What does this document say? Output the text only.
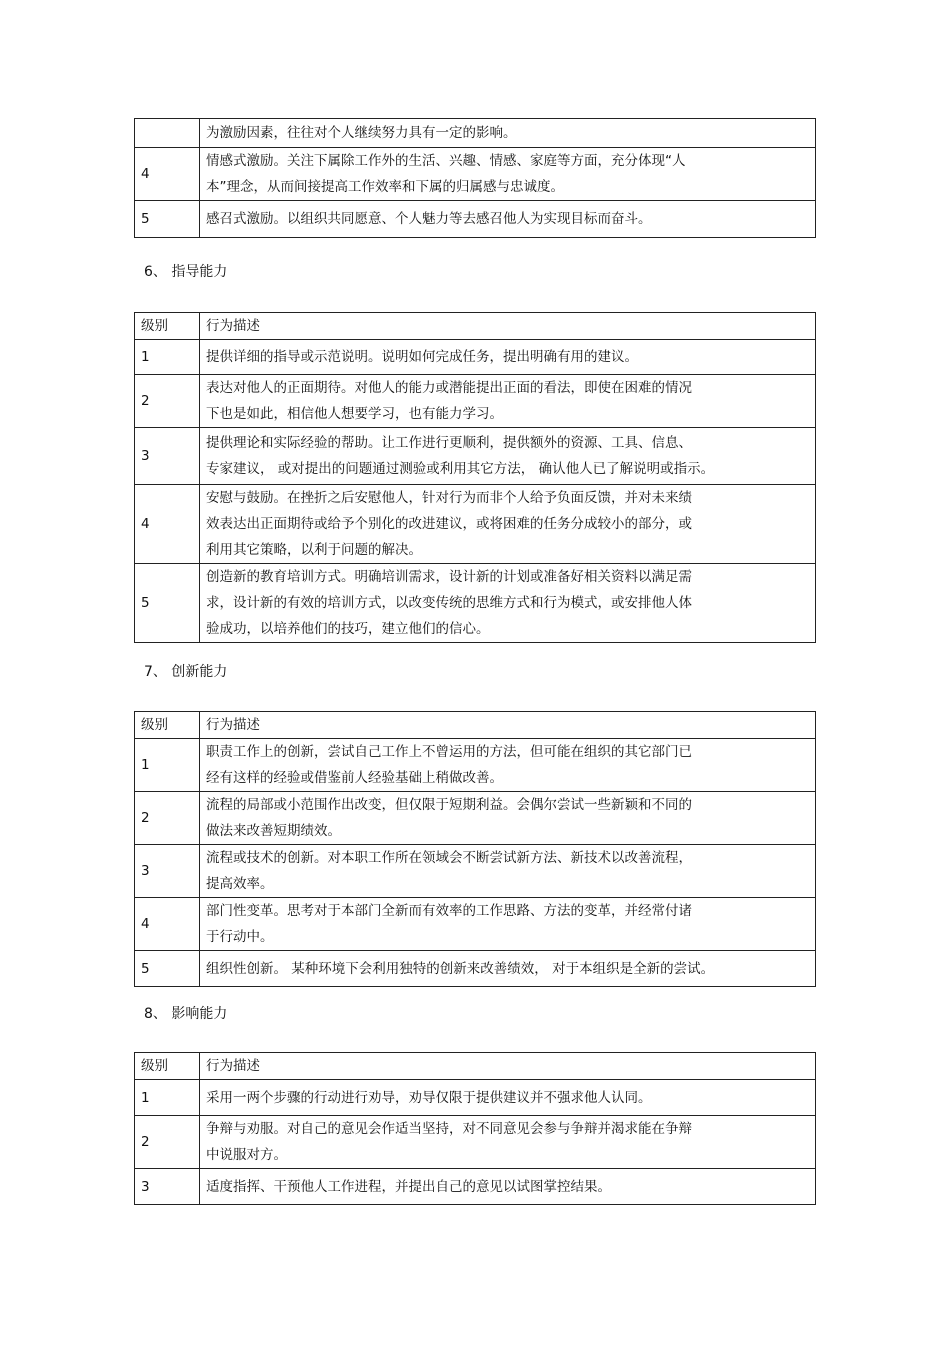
	为激励因素，往往对个人继续努力具有一定的影响。
4	情感式激励。关注下属除工作外的生活、兴趣、情感、家庭等方面，充分体现“人
本”理念，从而间接提高工作效率和下属的归属感与忠诚度。
5	感召式激励。以组织共同愿意、个人魅力等去感召他人为实现目标而奋斗。
6、 指导能力
级别	行为描述
1	提供详细的指导或示范说明。说明如何完成任务，提出明确有用的建议。
2	表达对他人的正面期待。对他人的能力或潜能提出正面的看法，即使在困难的情况
下也是如此，相信他人想要学习，也有能力学习。
3	提供理论和实际经验的帮助。让工作进行更顺利，提供额外的资源、工具、信息、
专家建议， 或对提出的问题通过测验或利用其它方法， 确认他人已了解说明或指示。
4	安慰与鼓励。在挫折之后安慰他人，针对行为而非个人给予负面反馈，并对未来绩
效表达出正面期待或给予个别化的改进建议，或将困难的任务分成较小的部分，或
利用其它策略，以利于问题的解决。
5	创造新的教育培训方式。明确培训需求，设计新的计划或准备好相关资料以满足需
求，设计新的有效的培训方式，以改变传统的思维方式和行为模式，或安排他人体
验成功，以培养他们的技巧，建立他们的信心。
7、 创新能力
级别	行为描述
1	职责工作上的创新，尝试自己工作上不曾运用的方法，但可能在组织的其它部门已
经有这样的经验或借鉴前人经验基础上稍做改善。
2	流程的局部或小范围作出改变，但仅限于短期利益。会偶尔尝试一些新颖和不同的
做法来改善短期绩效。
3	流程或技术的创新。对本职工作所在领域会不断尝试新方法、新技术以改善流程，
提高效率。
4	部门性变革。思考对于本部门全新而有效率的工作思路、方法的变革，并经常付诸
于行动中。
5	组织性创新。 某种环境下会利用独特的创新来改善绩效， 对于本组织是全新的尝试。
8、 影响能力
级别	行为描述
1	采用一两个步骤的行动进行劝导，劝导仅限于提供建议并不强求他人认同。
2	争辩与劝服。对自己的意见会作适当坚持，对不同意见会参与争辩并渴求能在争辩
中说服对方。
3	适度指挥、干预他人工作进程，并提出自己的意见以试图掌控结果。
